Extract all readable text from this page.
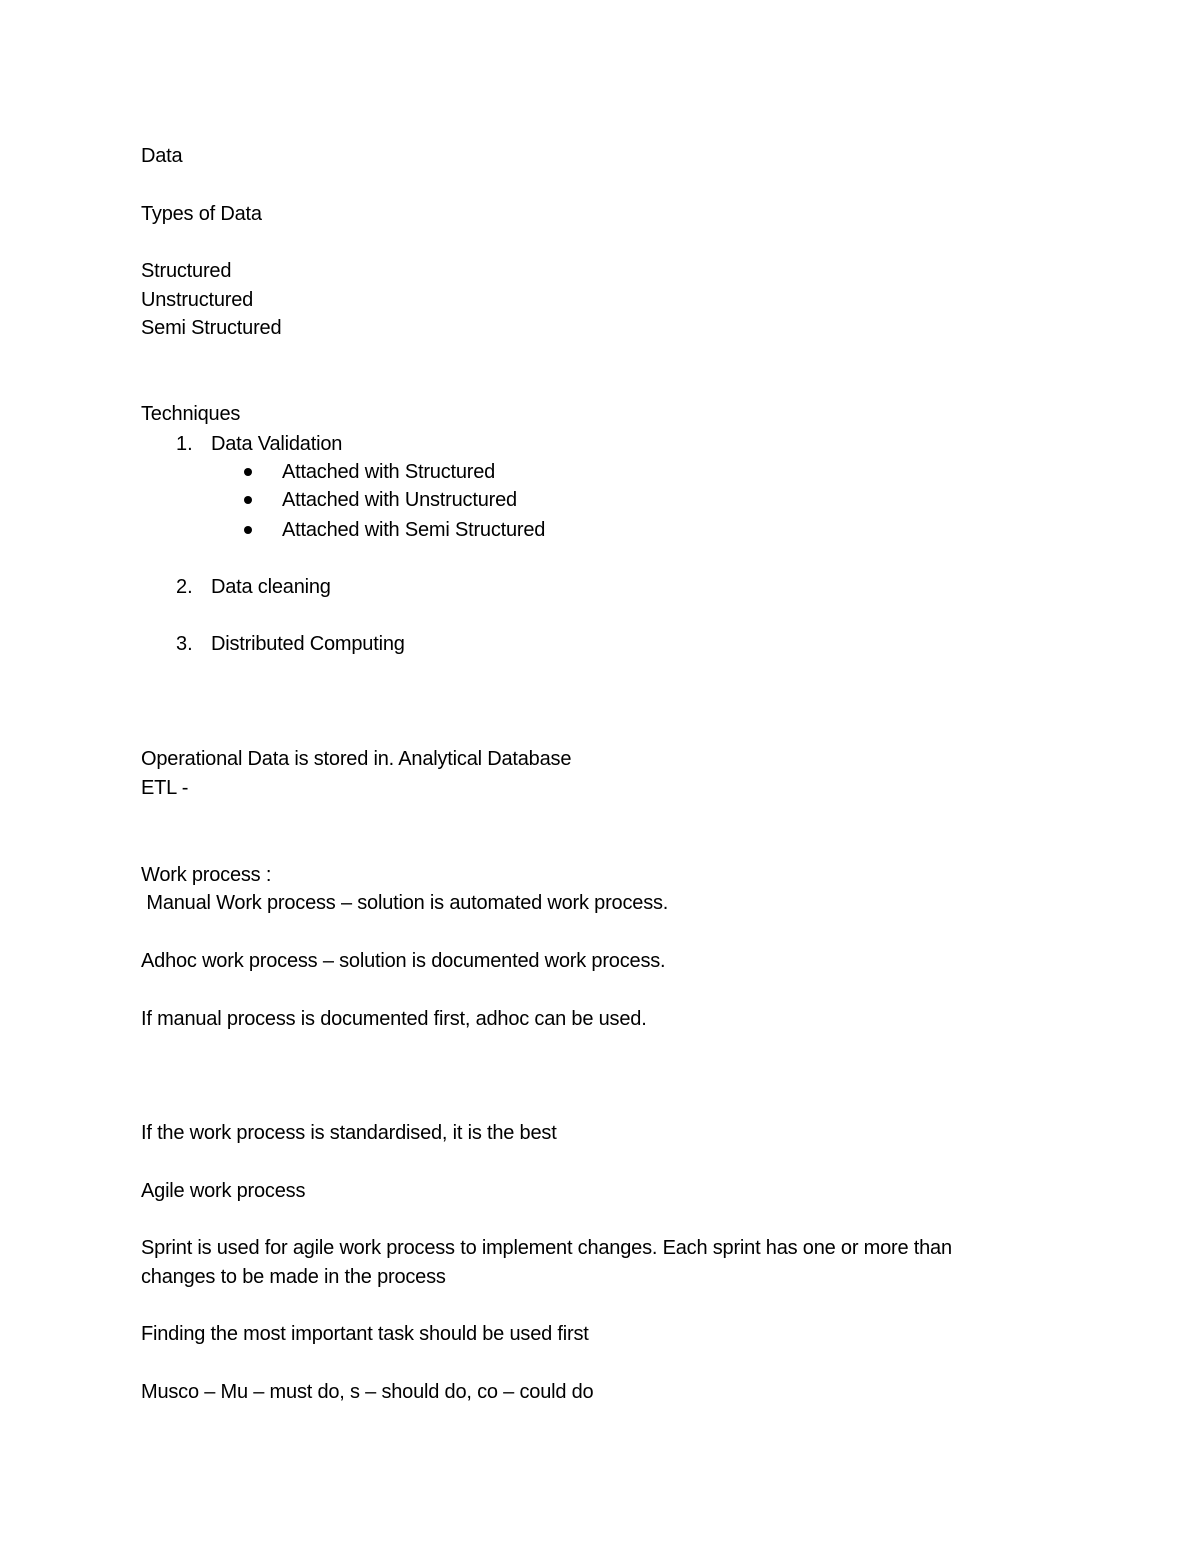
Data
Types of Data
Structured
Unstructured
Semi Structured
Techniques
1. Data Validation
Attached with Structured
Attached with Unstructured
Attached with Semi Structured
2. Data cleaning
3. Distributed Computing
Operational Data is stored in. Analytical Database
ETL -
Work process :
Manual Work process – solution is automated work process.
Adhoc work process – solution is documented work process.
If manual process is documented first, adhoc can be used.
If the work process is standardised, it is the best
Agile work process
Sprint is used for agile work process to implement changes. Each sprint has one or more than
changes to be made in the process
Finding the most important task should be used first
Musco – Mu – must do, s – should do, co – could do
